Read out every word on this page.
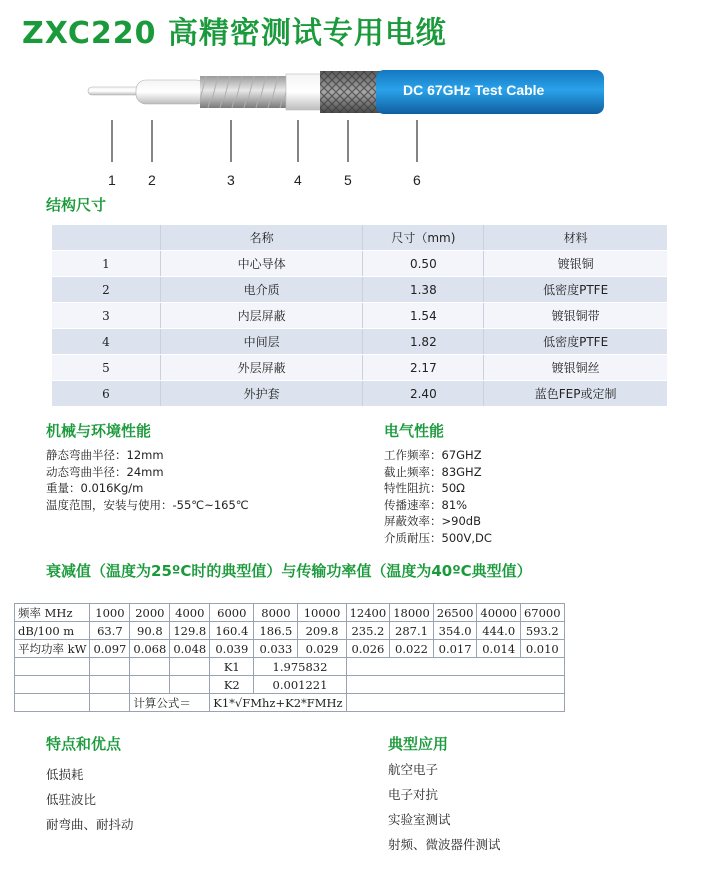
ZXC220 高精密测试专用电缆
DC 67GHz Test Cable
1 2	3	4	5	6
结构尺寸
	名称	尺寸（mm)	材料
1	中心导体	0.50	镀银铜
2	电介质	1.38	低密度PTFE
3	内层屏蔽	1.54	镀银铜带
4	中间层	1.82	低密度PTFE
5	外层屏蔽	2.17	镀银铜丝
6	外护套	2.40	蓝色FEP或定制
机械与环境性能
静态弯曲半径：12mm
动态弯曲半径：24mm
重量：0.016Kg/m
温度范围，安装与使用：-55℃~165℃
电气性能
工作频率：67GHZ
截止频率：83GHZ
特性阻抗：50Ω
传播速率：81%
屏蔽效率：>90dB
介质耐压：500V,DC
衰减值（温度为25ºC时的典型值）与传输功率值（温度为40ºC典型值）
频率 MHz	1000	2000	4000	6000	8000	10000	12400	18000	26500	40000	67000
dB/100 m	63.7	90.8	129.8	160.4	186.5	209.8	235.2	287.1	354.0	444.0	593.2
平均功率 kW	0.097	0.068	0.048	0.039	0.033	0.029	0.026	0.022	0.017	0.014	0.010
				K1	1.975832						
				K2	0.001221						
		计算公式＝		K1*√FMhz+K2*FMHz							
特点和优点
低损耗
低驻波比
耐弯曲、耐抖动
典型应用
航空电子
电子对抗
实验室测试
射频、微波器件测试
